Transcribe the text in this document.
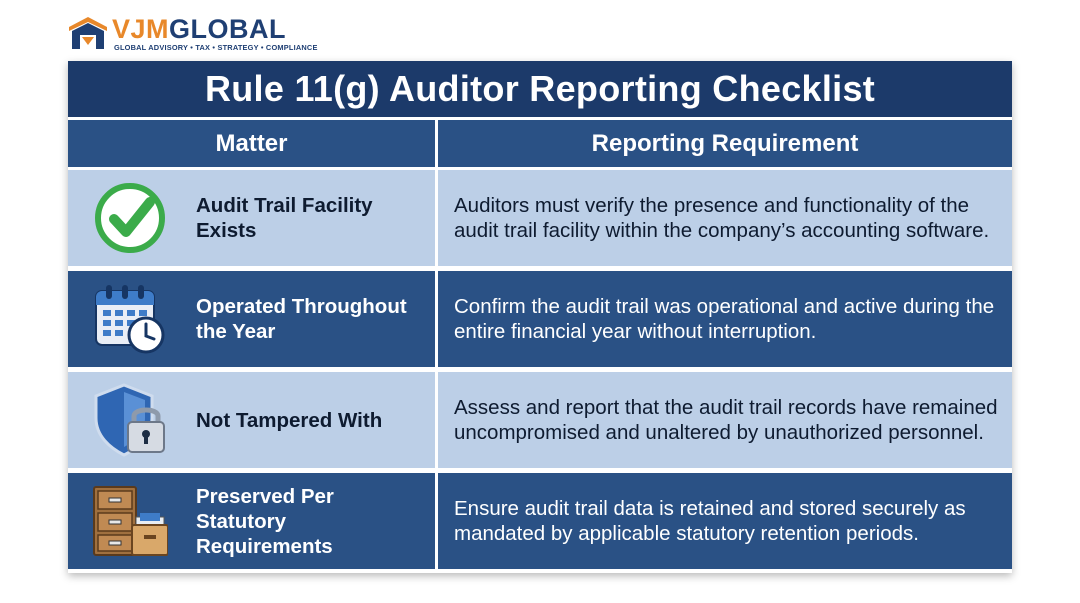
VJMGLOBAL
GLOBAL ADVISORY • TAX • STRATEGY • COMPLIANCE
Rule 11(g) Auditor Reporting Checklist
Matter	Reporting Requirement
Audit Trail Facility Exists
Auditors must verify the presence and functionality of the audit trail facility within the company’s accounting software.
Operated Throughout the Year
Confirm the audit trail was operational and active during the entire financial year without interruption.
Not Tampered With
Assess and report that the audit trail records have remained uncompromised and unaltered by unauthorized personnel.
Preserved Per Statutory Requirements
Ensure audit trail data is retained and stored securely as mandated by applicable statutory retention periods.
